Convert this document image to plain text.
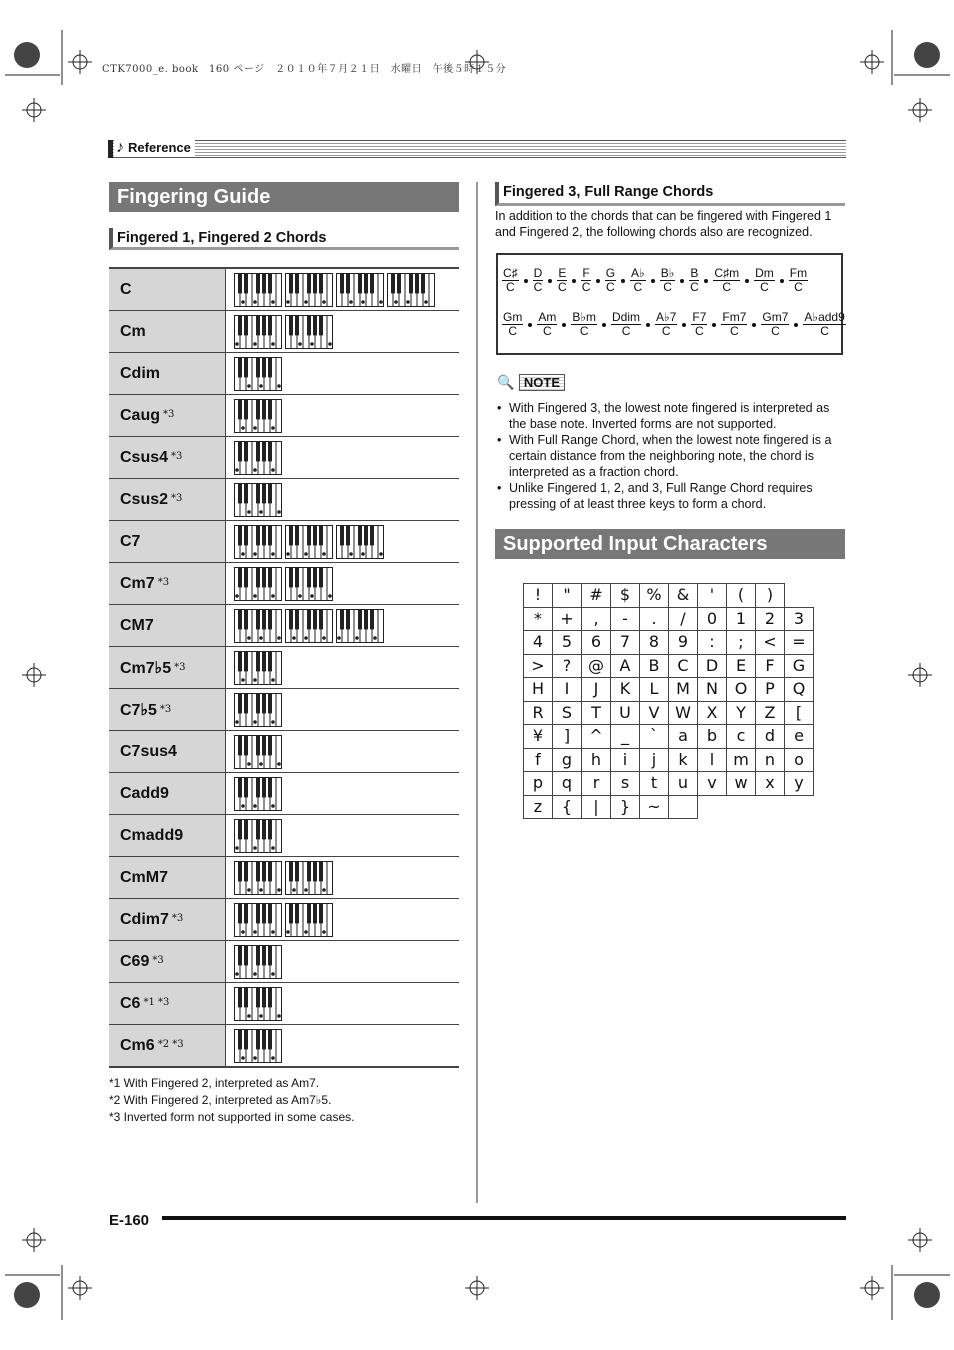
CTK7000_e. book　160 ページ　２０１０年７月２１日　水曜日　午後５時１５分
♪ Reference
Fingering Guide
Fingered 1, Fingered 2 Chords
C	
Cm	
Cdim	
Caug $^{*3}$	
Csus4 $^{*3}$	
Csus2 $^{*3}$	
C7	
Cm7 $^{*3}$	
CM7	
Cm7♭5 $^{*3}$	
C7♭5 $^{*3}$	
C7sus4	
Cadd9	
Cmadd9	
CmM7	
Cdim7 $^{*3}$	
C69 $^{*3}$	
C6 $^{*1 *3}$	
Cm6 $^{*2 *3}$	
*1 With Fingered 2, interpreted as Am7.
*2 With Fingered 2, interpreted as Am7♭5.
*3 Inverted form not supported in some cases.
Fingered 3, Full Range Chords
In addition to the chords that can be fingered with Fingered 1 and Fingered 2, the following chords also are recognized.
$\frac{C♯}{C} \frac{D}{C} \frac{E}{C} \frac{F}{C} \frac{G}{C} \frac{A♭}{C} \frac{B♭}{C} \frac{B}{C} \frac{C♯m}{C} \frac{Dm}{C} \frac{Fm}{C}$
$\frac{Gm}{C} \frac{Am}{C} \frac{B♭m}{C} \frac{\text{Ddim}}{C} \frac{A♭7}{C} \frac{F7}{C} \frac{Fm7}{C} \frac{Gm7}{C} \frac{\text{A♭add9}}{C}$
🔍 NOTE
• With Fingered 3, the lowest note fingered is interpreted as the base note. Inverted forms are not supported.
• With Full Range Chord, when the lowest note fingered is a certain distance from the neighboring note, the chord is interpreted as a fraction chord.
• Unlike Fingered 1, 2, and 3, Full Range Chord requires pressing of at least three keys to form a chord.
Supported Input Characters
!	"	#	$	%	&	'	(	)	
*	+	,	-	.	/	0	1	2	3
4	5	6	7	8	9	:	;	<	=
>	?	@	A	B	C	D	E	F	G
H	I	J	K	L	M	N	O	P	Q
R	S	T	U	V	W	X	Y	Z	[
¥	]	^	_	`	a	b	c	d	e
f	g	h	i	j	k	l	m	n	o
p	q	r	s	t	u	v	w	x	y
z	{	|	}	~					
E-160
